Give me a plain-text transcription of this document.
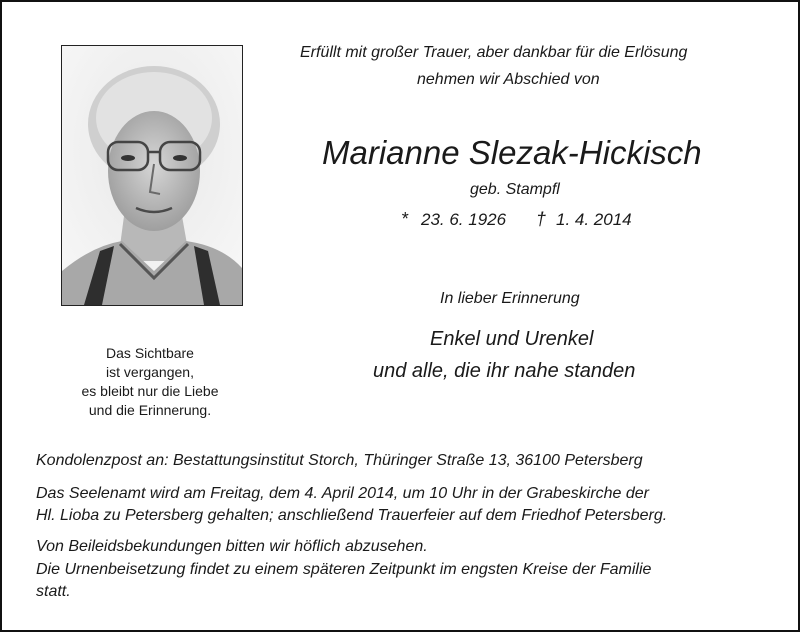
Erfüllt mit großer Trauer, aber dankbar für die Erlösung
nehmen wir Abschied von
Marianne Slezak-Hickisch
geb. Stampfl
* 23. 6. 1926 † 1. 4. 2014
In lieber Erinnerung
Enkel und Urenkel
und alle, die ihr nahe standen
Das Sichtbare
ist vergangen,
es bleibt nur die Liebe
und die Erinnerung.
Kondolenzpost an: Bestattungsinstitut Storch, Thüringer Straße 13, 36100 Petersberg
Das Seelenamt wird am Freitag, dem 4. April 2014, um 10 Uhr in der Grabeskirche der
Hl. Lioba zu Petersberg gehalten; anschließend Trauerfeier auf dem Friedhof Petersberg.
Von Beileidsbekundungen bitten wir höflich abzusehen.
Die Urnenbeisetzung findet zu einem späteren Zeitpunkt im engsten Kreise der Familie
statt.
